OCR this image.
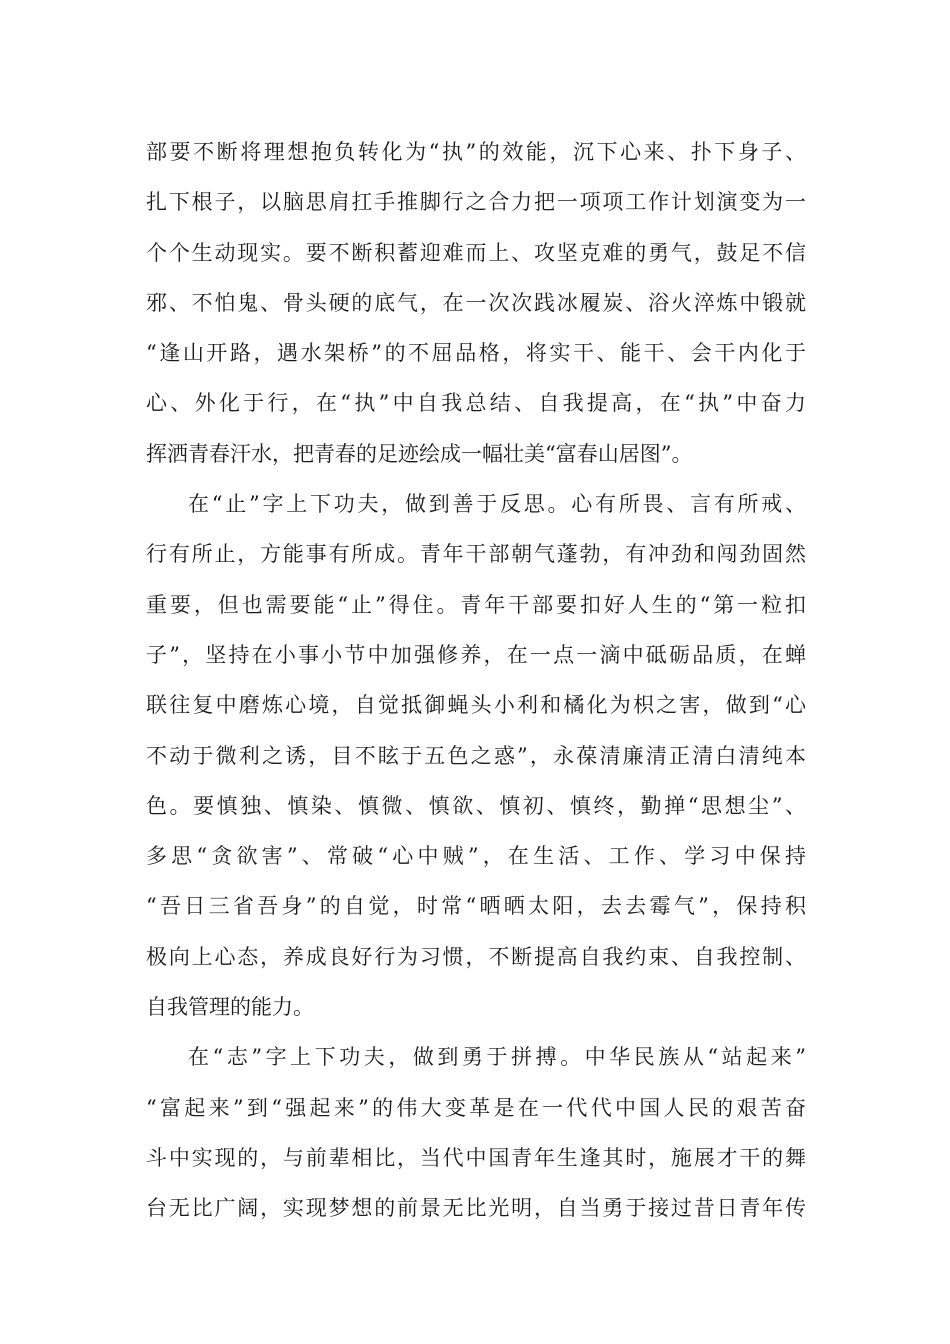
部要不断将理想抱负转化为“执”的效能，沉下心来、扑下身子、
扎下根子，以脑思肩扛手推脚行之合力把一项项工作计划演变为一
个个生动现实。要不断积蓄迎难而上、攻坚克难的勇气，鼓足不信
邪、不怕鬼、骨头硬的底气，在一次次践冰履炭、浴火淬炼中锻就
“逢山开路，遇水架桥”的不屈品格，将实干、能干、会干内化于
心、外化于行，在“执”中自我总结、自我提高，在“执”中奋力
挥洒青春汗水，把青春的足迹绘成一幅壮美“富春山居图”。
在“止”字上下功夫，做到善于反思。心有所畏、言有所戒、
行有所止，方能事有所成。青年干部朝气蓬勃，有冲劲和闯劲固然
重要，但也需要能“止”得住。青年干部要扣好人生的“第一粒扣
子”，坚持在小事小节中加强修养，在一点一滴中砥砺品质，在蝉
联往复中磨炼心境，自觉抵御蝇头小利和橘化为枳之害，做到“心
不动于微利之诱，目不眩于五色之惑”，永葆清廉清正清白清纯本
色。要慎独、慎染、慎微、慎欲、慎初、慎终，勤掸“思想尘”、
多思“贪欲害”、常破“心中贼”，在生活、工作、学习中保持
“吾日三省吾身”的自觉，时常“晒晒太阳，去去霉气”，保持积
极向上心态，养成良好行为习惯，不断提高自我约束、自我控制、
自我管理的能力。
在“志”字上下功夫，做到勇于拼搏。中华民族从“站起来”
“富起来”到“强起来”的伟大变革是在一代代中国人民的艰苦奋
斗中实现的，与前辈相比，当代中国青年生逢其时，施展才干的舞
台无比广阔，实现梦想的前景无比光明，自当勇于接过昔日青年传
